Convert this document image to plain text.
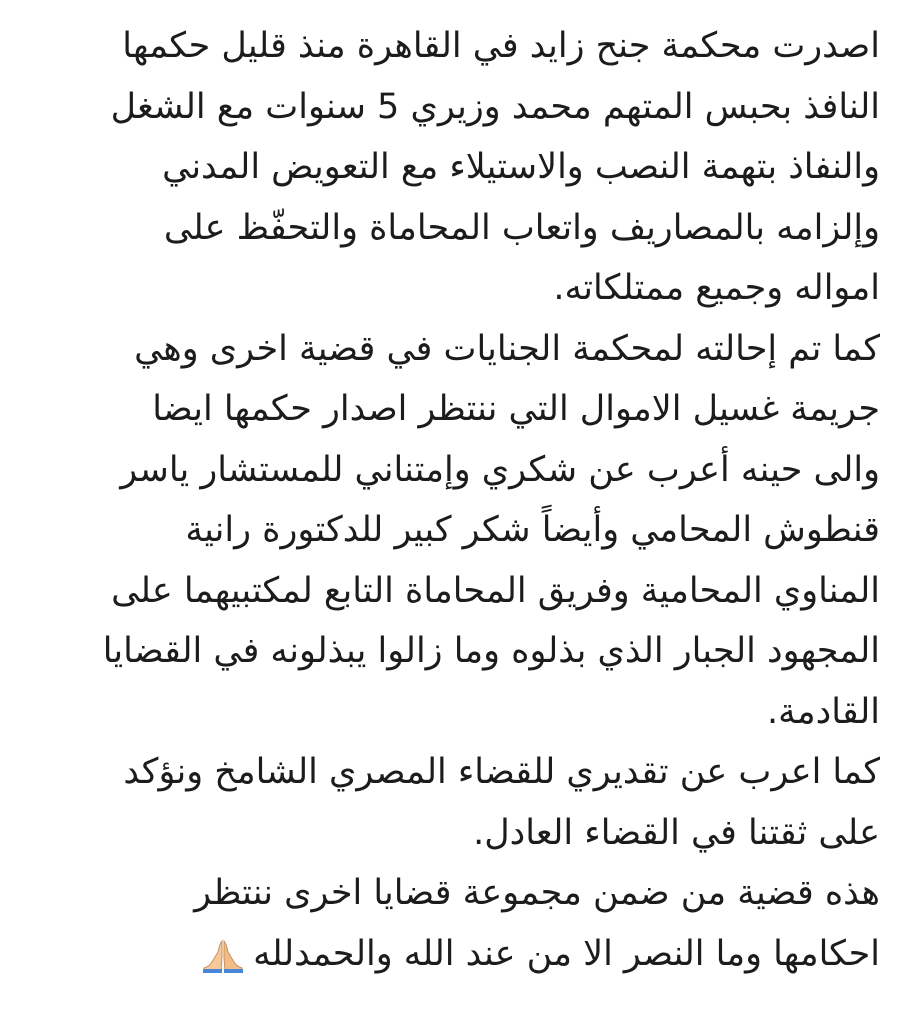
اصدرت محكمة جنح زايد في القاهرة منذ قليل حكمها
النافذ بحبس المتهم محمد وزيري 5 سنوات مع الشغل
والنفاذ بتهمة النصب والاستيلاء مع التعويض المدني
وإلزامه بالمصاريف واتعاب المحاماة والتحفّظ على
امواله وجميع ممتلكاته.
كما تم إحالته لمحكمة الجنايات في قضية اخرى وهي
جريمة غسيل الاموال التي ننتظر اصدار حكمها ايضا
والى حينه أعرب عن شكري وإمتناني للمستشار ياسر
قنطوش المحامي وأيضاً شكر كبير للدكتورة رانية
المناوي المحامية وفريق المحاماة التابع لمكتبيهما على
المجهود الجبار الذي بذلوه وما زالوا يبذلونه في القضايا
القادمة.
كما اعرب عن تقديري للقضاء المصري الشامخ ونؤكد
على ثقتنا في القضاء العادل.
هذه قضية من ضمن مجموعة قضايا اخرى ننتظر
احكامها وما النصر الا من عند الله والحمدلله
